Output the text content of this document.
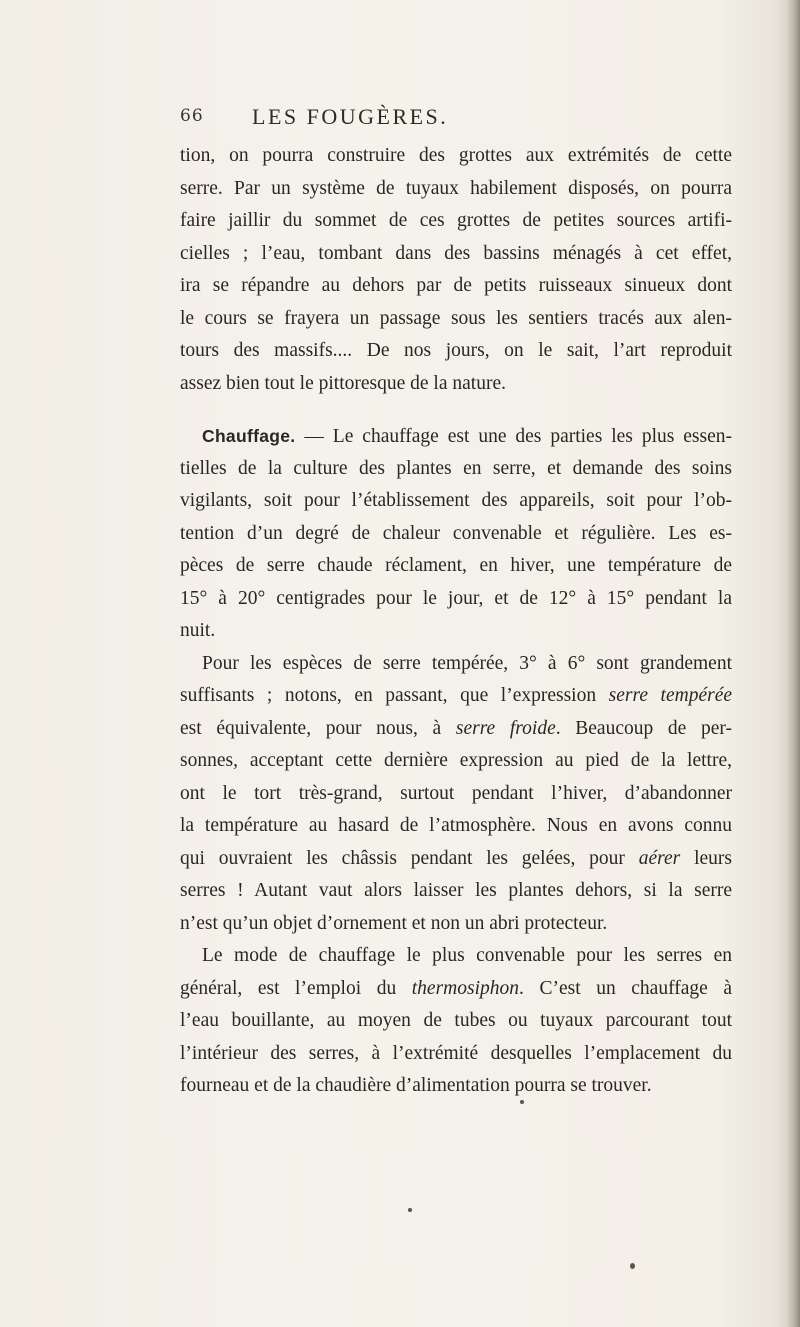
66 LES FOUGÈRES.
tion, on pourra construire des grottes aux extrémités de cette
serre. Par un système de tuyaux habilement disposés, on pourra
faire jaillir du sommet de ces grottes de petites sources artifi-
cielles ; l’eau, tombant dans des bassins ménagés à cet effet,
ira se répandre au dehors par de petits ruisseaux sinueux dont
le cours se frayera un passage sous les sentiers tracés aux alen-
tours des massifs.... De nos jours, on le sait, l’art reproduit
assez bien tout le pittoresque de la nature.
Chauffage. — Le chauffage est une des parties les plus essen-
tielles de la culture des plantes en serre, et demande des soins
vigilants, soit pour l’établissement des appareils, soit pour l’ob-
tention d’un degré de chaleur convenable et régulière. Les es-
pèces de serre chaude réclament, en hiver, une température de
15° à 20° centigrades pour le jour, et de 12° à 15° pendant la
nuit.
Pour les espèces de serre tempérée, 3° à 6° sont grandement
suffisants ; notons, en passant, que l’expression serre tempérée
est équivalente, pour nous, à serre froide. Beaucoup de per-
sonnes, acceptant cette dernière expression au pied de la lettre,
ont le tort très-grand, surtout pendant l’hiver, d’abandonner
la température au hasard de l’atmosphère. Nous en avons connu
qui ouvraient les châssis pendant les gelées, pour aérer leurs
serres ! Autant vaut alors laisser les plantes dehors, si la serre
n’est qu’un objet d’ornement et non un abri protecteur.
Le mode de chauffage le plus convenable pour les serres en
général, est l’emploi du thermosiphon. C’est un chauffage à
l’eau bouillante, au moyen de tubes ou tuyaux parcourant tout
l’intérieur des serres, à l’extrémité desquelles l’emplacement du
fourneau et de la chaudière d’alimentation pourra se trouver.
